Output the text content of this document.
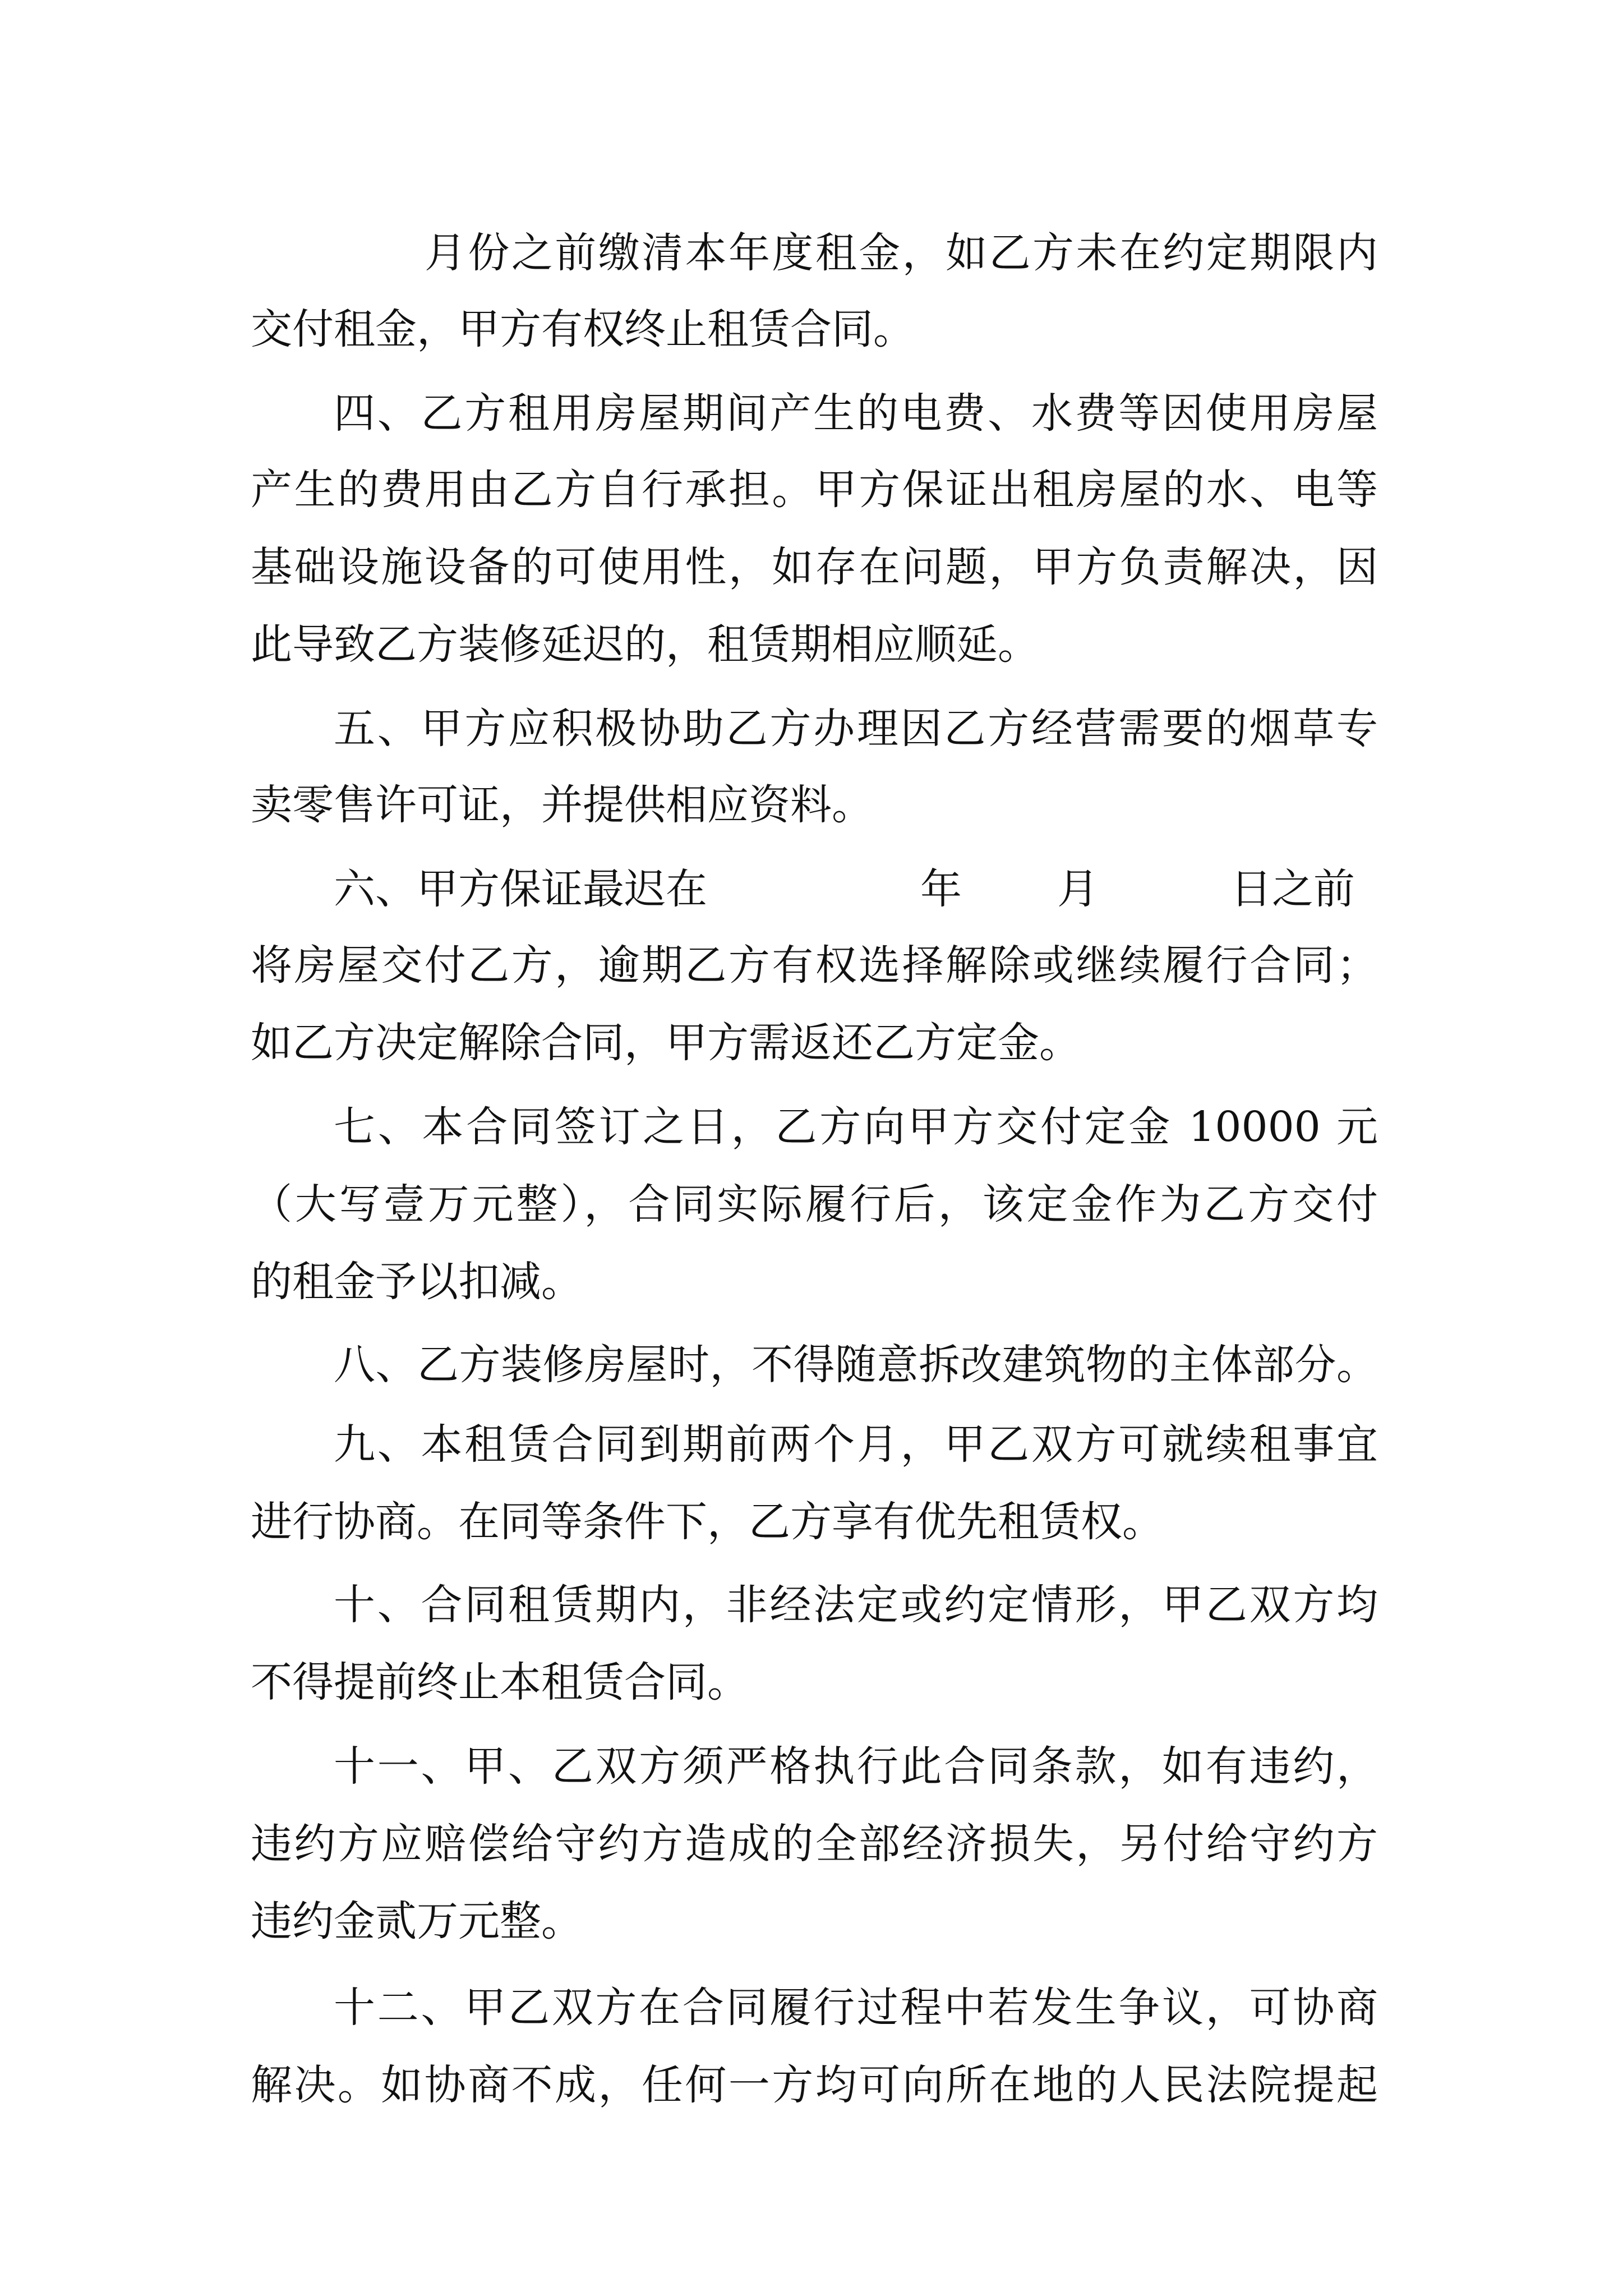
月份之前缴清本年度租金，如乙方未在约定期限内
交付租金，甲方有权终止租赁合同。
四、乙方租用房屋期间产生的电费、水费等因使用房屋
产生的费用由乙方自行承担。甲方保证出租房屋的水、电等
基础设施设备的可使用性，如存在问题，甲方负责解决，因
此导致乙方装修延迟的，租赁期相应顺延。
五、甲方应积极协助乙方办理因乙方经营需要的烟草专
卖零售许可证，并提供相应资料。
六、甲方保证最迟在	年 月	日之前
将房屋交付乙方，逾期乙方有权选择解除或继续履行合同；
如乙方决定解除合同，甲方需返还乙方定金。
七、本合同签订之日，乙方向甲方交付定金 10000 元
（大写壹万元整），合同实际履行后，该定金作为乙方交付
的租金予以扣减。
八、乙方装修房屋时，不得随意拆改建筑物的主体部分。
九、本租赁合同到期前两个月，甲乙双方可就续租事宜
进行协商。在同等条件下，乙方享有优先租赁权。
十、合同租赁期内，非经法定或约定情形，甲乙双方均
不得提前终止本租赁合同。
十一、甲、乙双方须严格执行此合同条款，如有违约，
违约方应赔偿给守约方造成的全部经济损失，另付给守约方
违约金贰万元整。
十二、甲乙双方在合同履行过程中若发生争议，可协商
解决。如协商不成，任何一方均可向所在地的人民法院提起
